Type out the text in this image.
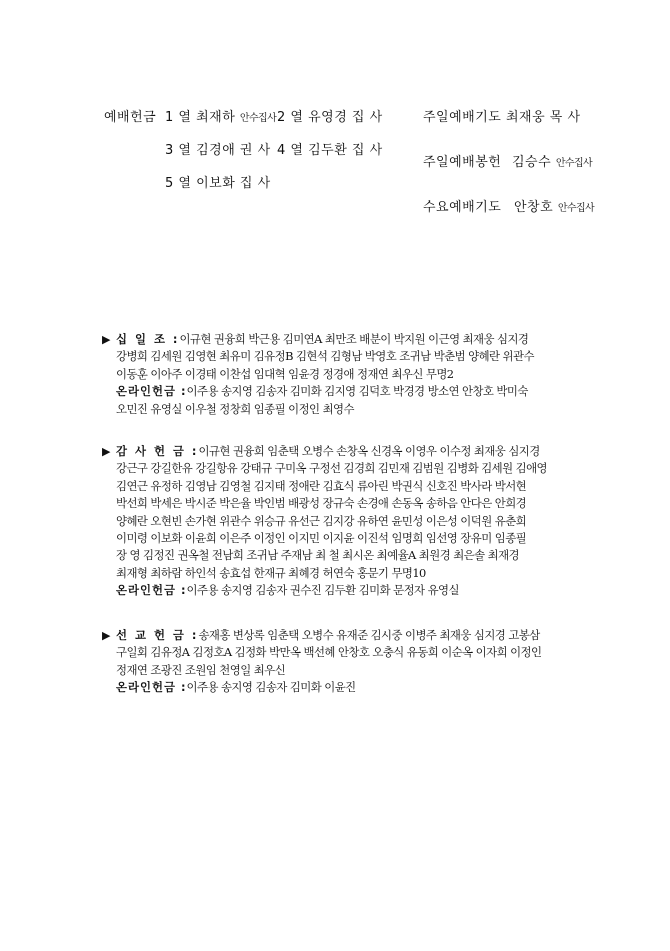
예배헌금 1 열 최재하 안수집사 2 열 유영경 집 사
3 열 김경애 권 사 4 열 김두환 집 사
5 열 이보화 집 사
주일예배기도 최재웅 목 사
주일예배봉헌 김승수 안수집사
수요예배기도 안창호 안수집사
▶ 십 일 조 :이규현 권융희 박근용 김미연A 최만조 배분이 박지원 이근영 최재웅 심지경
강병희 김세원 김영현 최유미 김유정B 김현석 김형남 박영호 조귀남 박춘범 양혜란 위관수
이동훈 이아주 이경태 이찬섭 임대혁 임윤경 정경애 정재연 최우신 무명2
온라인헌금 :이주용 송지영 김송자 김미화 김지영 김덕호 박경경 방소연 안창호 박미숙
오민진 유영실 이우철 정창희 임종필 이정인 최영수
▶ 감 사 헌 금 :이규현 권융희 임춘택 오병수 손창옥 신경옥 이영우 이수정 최재웅 심지경
강근구 강길한유 강길항유 강태규 구미옥 구정선 김경희 김민재 김범원 김병화 김세원 김애영
김연근 유정하 김영남 김영철 김지태 정애란 김효식 류아린 박권식 신호진 박사라 박서현
박선희 박세은 박시준 박은율 박인범 배광성 장규숙 손경애 손동옥 송하음 안다은 안희경
양혜란 오현빈 손가현 위관수 위승규 유선근 김지강 유하연 윤민성 이은성 이덕원 유춘희
이미령 이보화 이윤희 이은주 이정인 이지민 이지윤 이진석 임명희 임선영 장유미 임종필
장 영 김정진 권옥철 전남희 조귀남 주재남 최 철 최시온 최예율A 최원경 최은솔 최재경
최재형 최하람 하인석 송효섭 한재규 최혜경 허연숙 홍문기 무명10
온라인헌금 :이주용 송지영 김송자 권수진 김두환 김미화 문정자 유영실
▶ 선 교 헌 금 :송재홍 변상록 임춘택 오병수 유재준 김시중 이병주 최재웅 심지경 고봉삼
구일회 김유정A 김정호A 김정화 박만옥 백선혜 안창호 오충식 유동희 이순옥 이자희 이정인
정재연 조광진 조원임 천영일 최우신
온라인헌금 :이주용 송지영 김송자 김미화 이윤진
